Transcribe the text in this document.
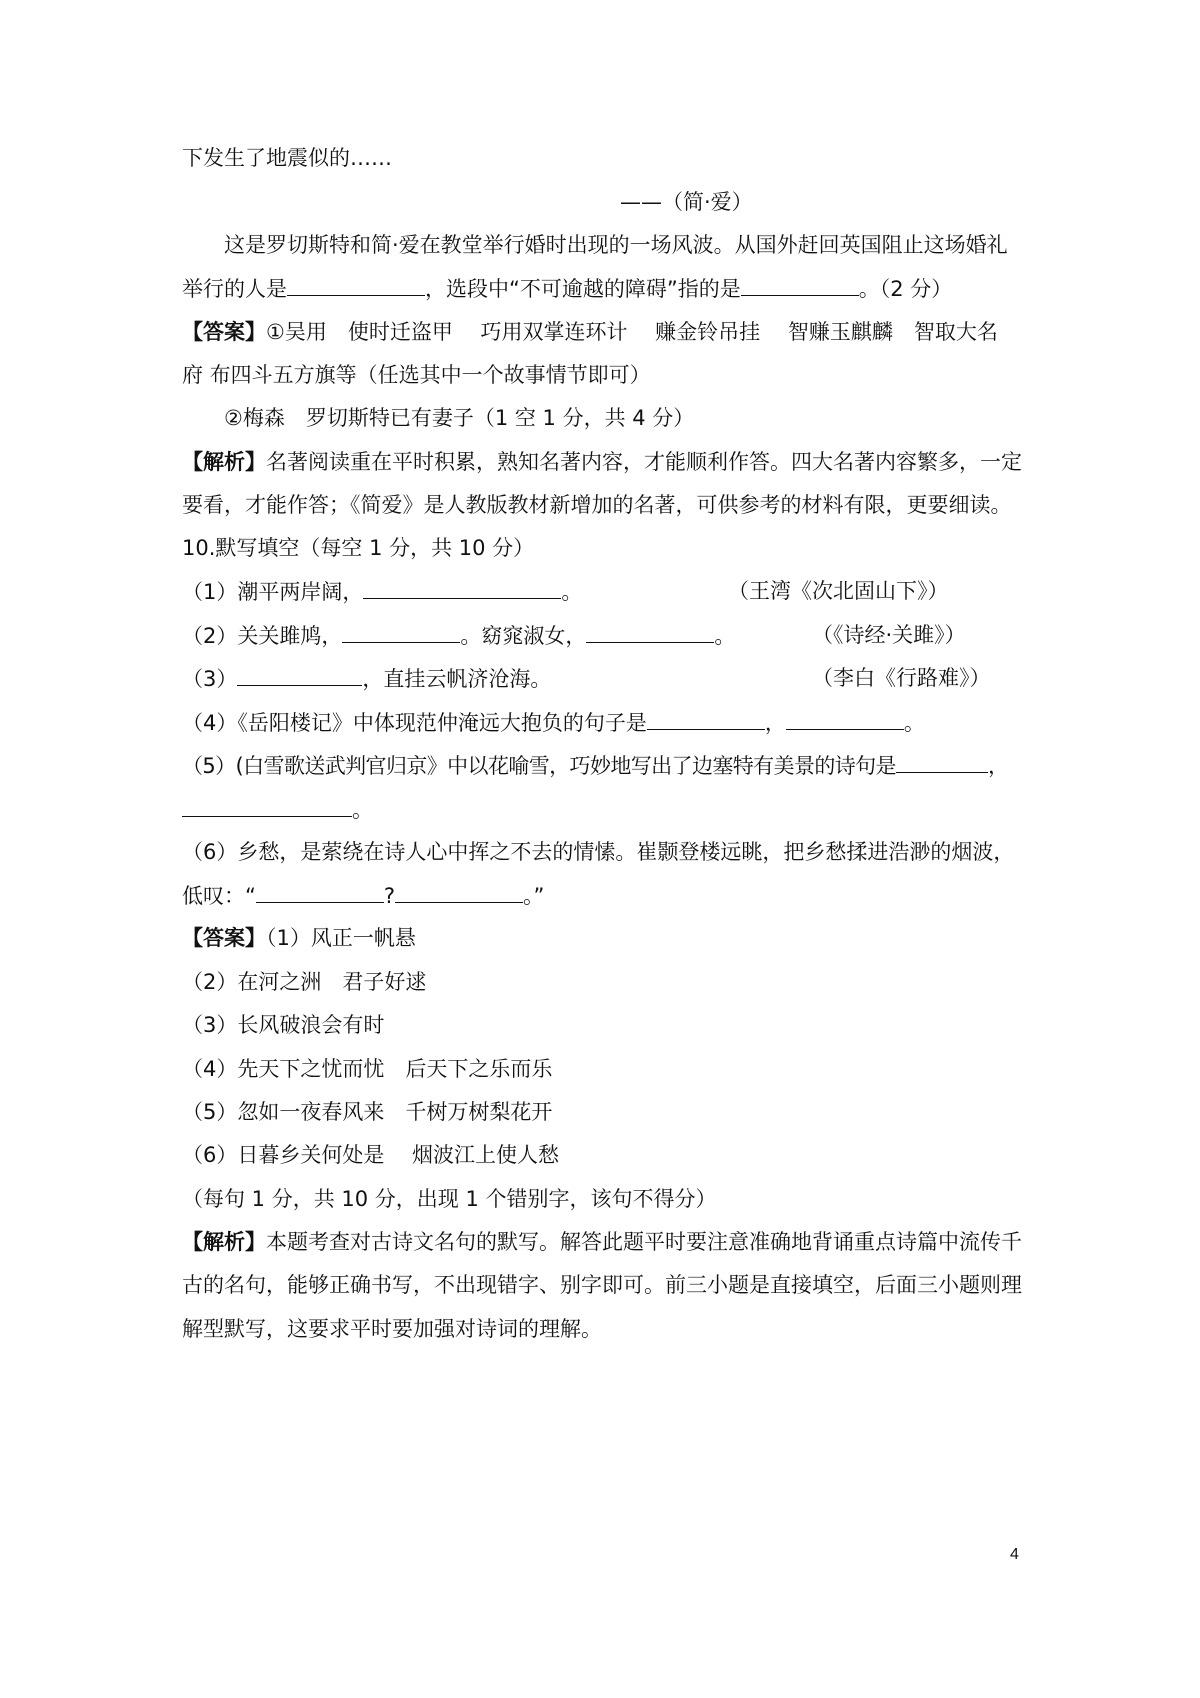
下发生了地震似的……
——（简·爱）
这是罗切斯特和简·爱在教堂举行婚时出现的一场风波。从国外赶回英国阻止这场婚礼
举行的人是	，选段中“不可逾越的障碍”指的是	。（2 分）
【答案】①吴用　使时迁盗甲　 巧用双掌连环计　 赚金铃吊挂　 智赚玉麒麟　智取大名
府 布四斗五方旗等（任选其中一个故事情节即可）
②梅森　罗切斯特已有妻子（1 空 1 分，共 4 分）
【解析】名著阅读重在平时积累，熟知名著内容，才能顺利作答。四大名著内容繁多，一定
要看，才能作答；《简爱》是人教版教材新增加的名著，可供参考的材料有限，更要细读。
10.默写填空（每空 1 分，共 10 分）
（1）潮平两岸阔，	。	（王湾《次北固山下》）
（2）关关雎鸠，	。窈窕淑女，	。	（《诗经·关雎》）
（3）	，直挂云帆济沧海。	（李白《行路难》）
（4）《岳阳楼记》中体现范仲淹远大抱负的句子是	，	。
（5）(白雪歌送武判官归京》中以花喻雪，巧妙地写出了边塞特有美景的诗句是	，
。
（6）乡愁，是萦绕在诗人心中挥之不去的情愫。崔颢登楼远眺，把乡愁揉进浩渺的烟波，
低叹：“	?	。”
【答案】（1）风正一帆悬
（2）在河之洲　君子好逑
（3）长风破浪会有时
（4）先天下之忧而忧　后天下之乐而乐
（5）忽如一夜春风来　千树万树梨花开
（6）日暮乡关何处是　 烟波江上使人愁
（每句 1 分，共 10 分，出现 1 个错别字，该句不得分）
【解析】本题考查对古诗文名句的默写。解答此题平时要注意准确地背诵重点诗篇中流传千
古的名句，能够正确书写，不出现错字、别字即可。前三小题是直接填空，后面三小题则理
解型默写，这要求平时要加强对诗词的理解。
4
